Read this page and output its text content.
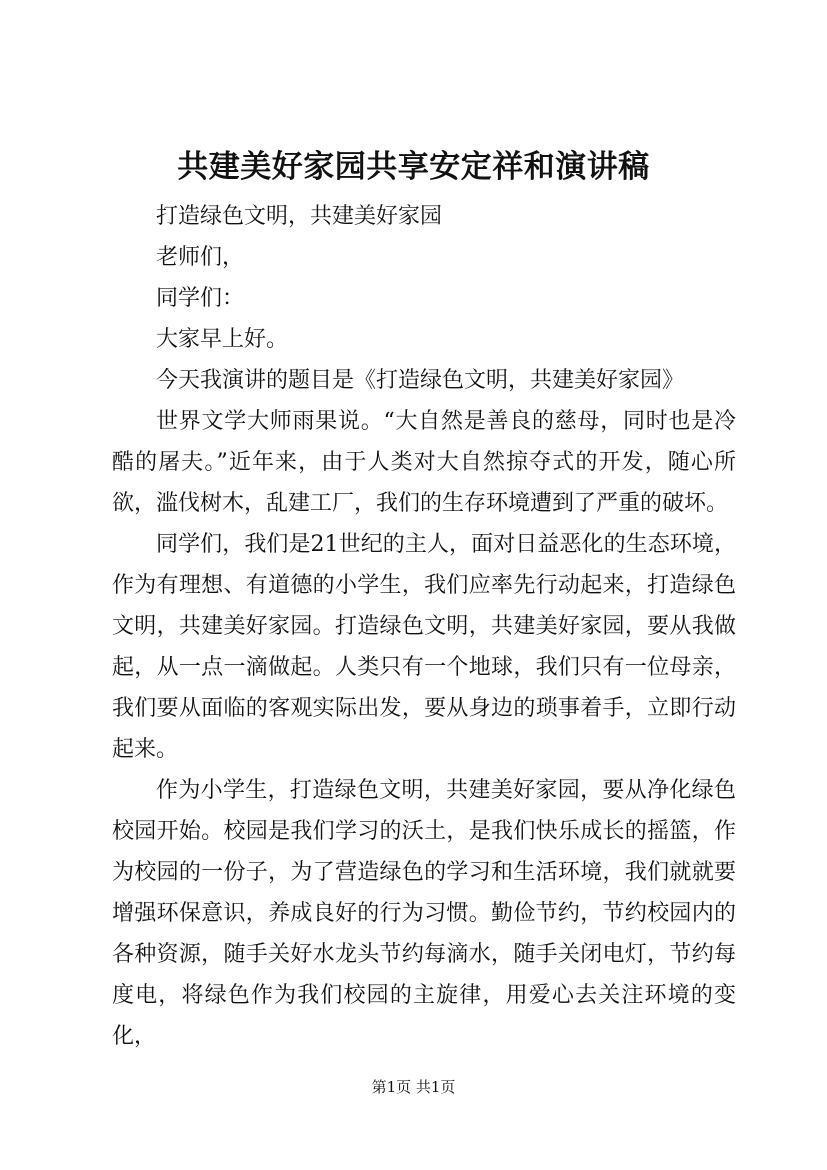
共建美好家园共享安定祥和演讲稿

打造绿色文明，共建美好家园

老师们，

同学们：

大家早上好。

今天我演讲的题目是《打造绿色文明，共建美好家园》

世界文学大师雨果说。“大自然是善良的慈母，同时也是冷酷的屠夫。”近年来，由于人类对大自然掠夺式的开发，随心所欲，滥伐树木，乱建工厂，我们的生存环境遭到了严重的破坏。

同学们，我们是21世纪的主人，面对日益恶化的生态环境，作为有理想、有道德的小学生，我们应率先行动起来，打造绿色文明，共建美好家园。打造绿色文明，共建美好家园，要从我做起，从一点一滴做起。人类只有一个地球，我们只有一位母亲，我们要从面临的客观实际出发，要从身边的琐事着手，立即行动起来。

作为小学生，打造绿色文明，共建美好家园，要从净化绿色校园开始。校园是我们学习的沃土，是我们快乐成长的摇篮，作为校园的一份子，为了营造绿色的学习和生活环境，我们就就要增强环保意识，养成良好的行为习惯。勤俭节约，节约校园内的各种资源，随手关好水龙头节约每滴水，随手关闭电灯，节约每度电，将绿色作为我们校园的主旋律，用爱心去关注环境的变化，

第1页 共1页
